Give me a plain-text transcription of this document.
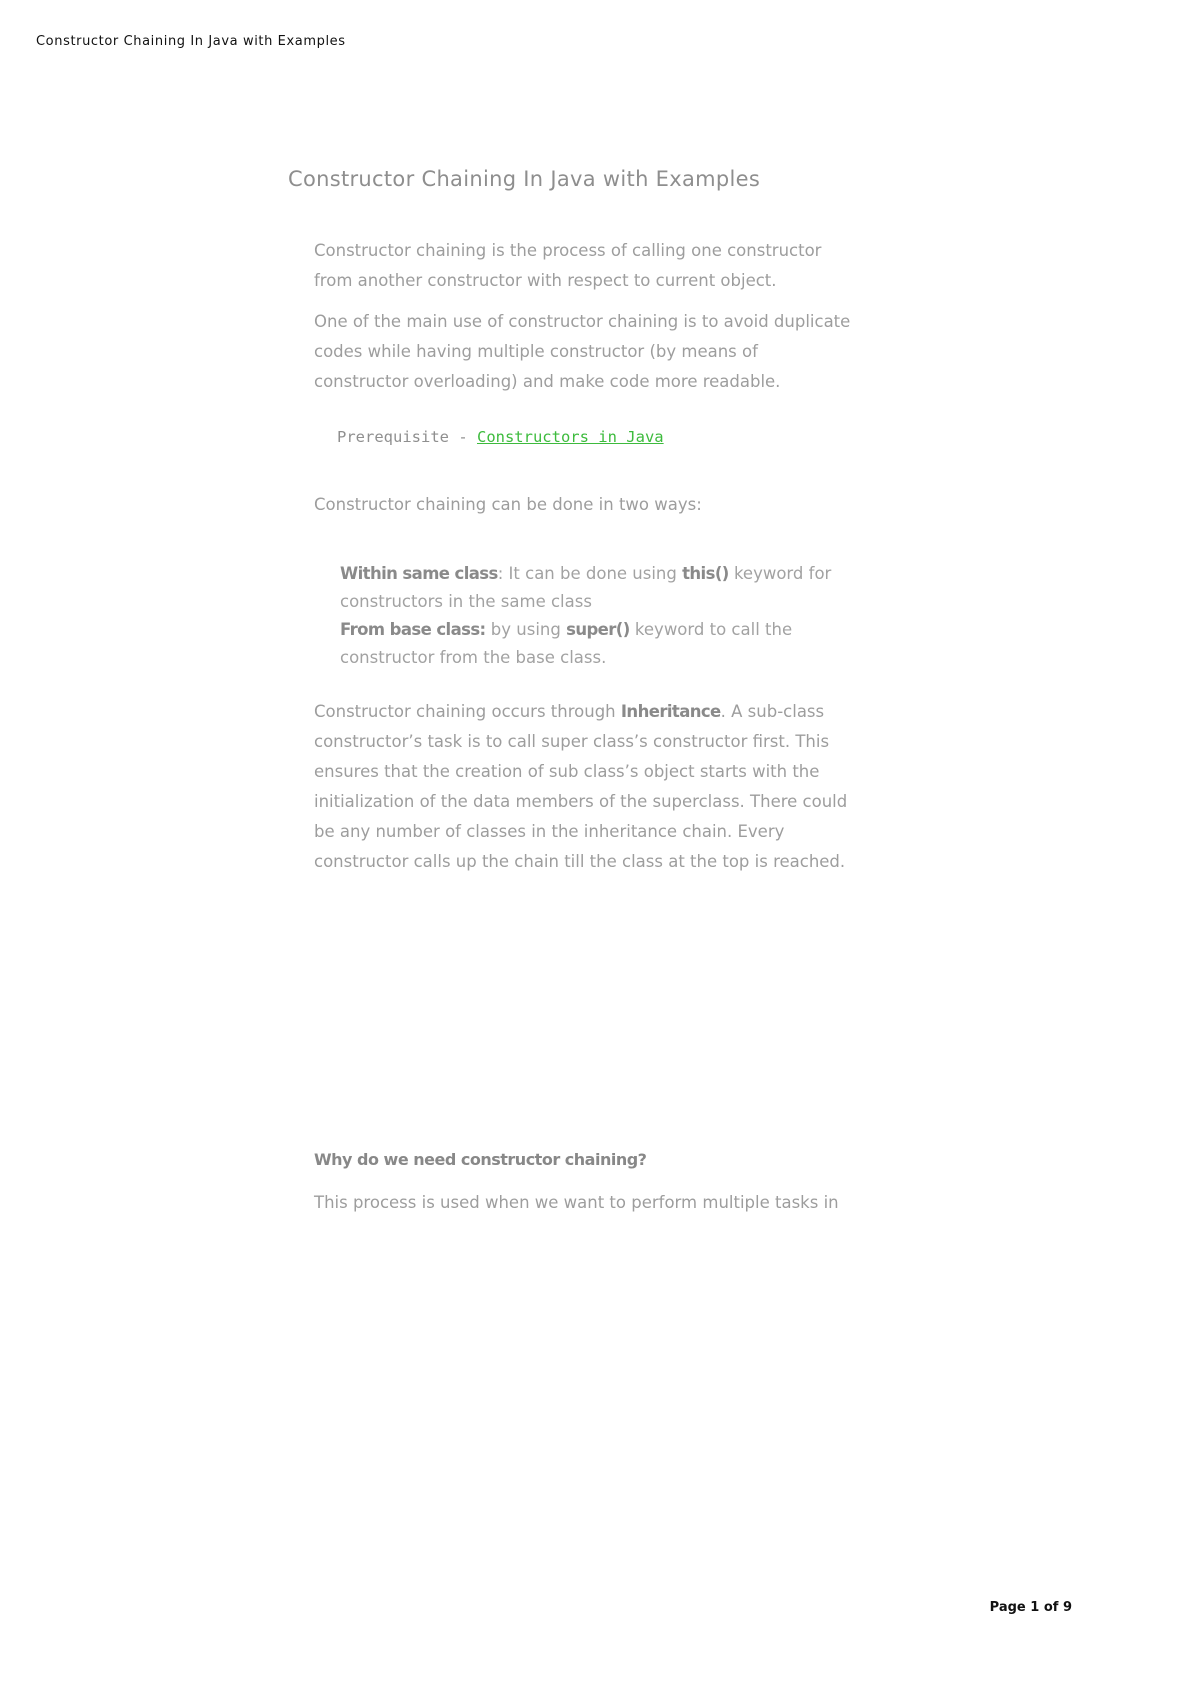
Constructor Chaining In Java with Examples
Constructor Chaining In Java with Examples

Constructor chaining is the process of calling one constructor from another constructor with respect to current object.

One of the main use of constructor chaining is to avoid duplicate codes while having multiple constructor (by means of constructor overloading) and make code more readable.

Prerequisite - Constructors in Java

Constructor chaining can be done in two ways:

Within same class: It can be done using this() keyword for constructors in the same class

From base class: by using super() keyword to call the constructor from the base class.

Constructor chaining occurs through Inheritance. A sub-class constructor’s task is to call super class’s constructor first. This ensures that the creation of sub class’s object starts with the initialization of the data members of the superclass. There could be any number of classes in the inheritance chain. Every constructor calls up the chain till the class at the top is reached.

Why do we need constructor chaining?

This process is used when we want to perform multiple tasks in

Page 1 of 9
